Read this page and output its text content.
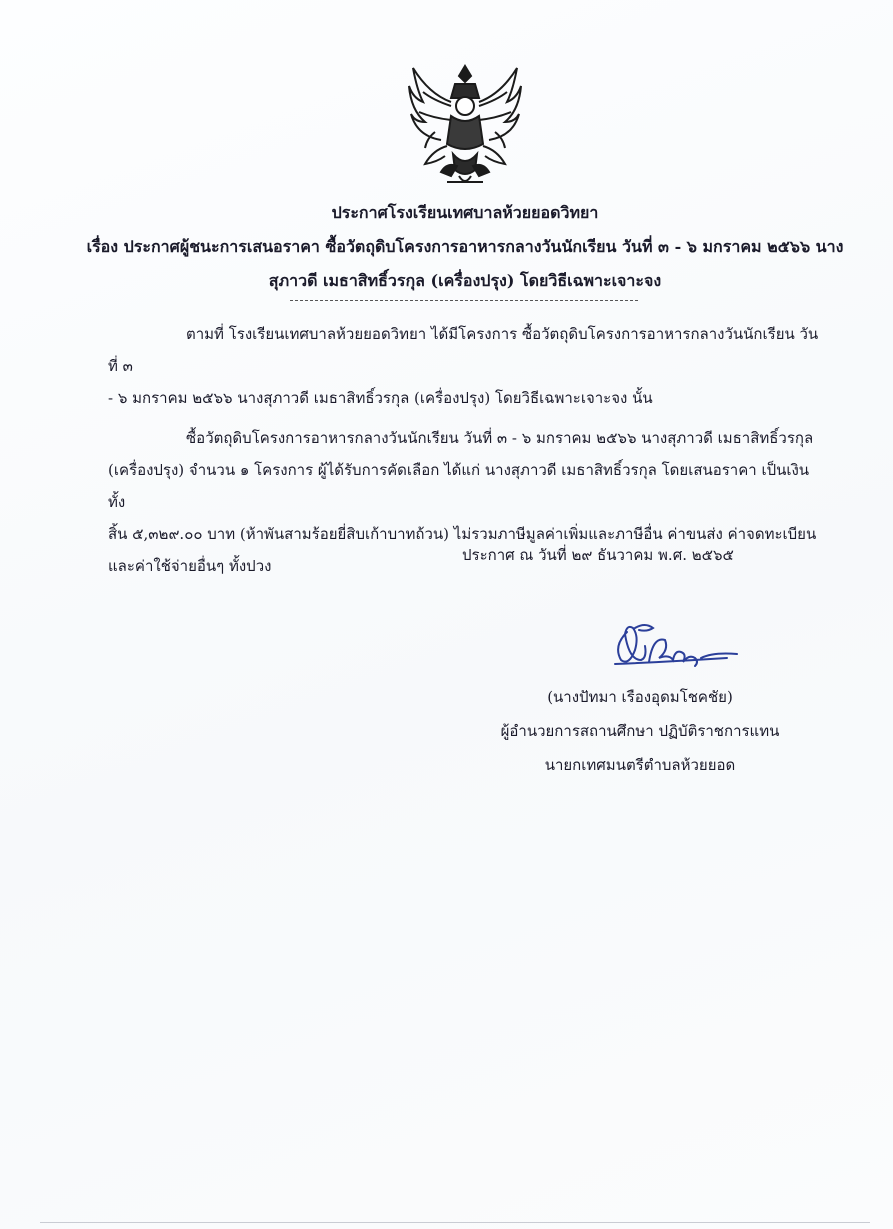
ประกาศโรงเรียนเทศบาลห้วยยอดวิทยา
เรื่อง ประกาศผู้ชนะการเสนอราคา ซื้อวัตถุดิบโครงการอาหารกลางวันนักเรียน วันที่ ๓ - ๖ มกราคม ๒๕๖๖ นาง
สุภาวดี เมธาสิทธิ์วรกุล (เครื่องปรุง) โดยวิธีเฉพาะเจาะจง

ตามที่ โรงเรียนเทศบาลห้วยยอดวิทยา ได้มีโครงการ ซื้อวัตถุดิบโครงการอาหารกลางวันนักเรียน วันที่ ๓

- ๖ มกราคม ๒๕๖๖ นางสุภาวดี เมธาสิทธิ์วรกุล (เครื่องปรุง) โดยวิธีเฉพาะเจาะจง นั้น

ซื้อวัตถุดิบโครงการอาหารกลางวันนักเรียน วันที่ ๓ - ๖ มกราคม ๒๕๖๖ นางสุภาวดี เมธาสิทธิ์วรกุล

(เครื่องปรุง) จำนวน ๑ โครงการ ผู้ได้รับการคัดเลือก ได้แก่ นางสุภาวดี เมธาสิทธิ์วรกุล โดยเสนอราคา เป็นเงินทั้ง

สิ้น ๕,๓๒๙.๐๐ บาท (ห้าพันสามร้อยยี่สิบเก้าบาทถ้วน) ไม่รวมภาษีมูลค่าเพิ่มและภาษีอื่น ค่าขนส่ง ค่าจดทะเบียน

และค่าใช้จ่ายอื่นๆ ทั้งปวง

ประกาศ ณ วันที่ ๒๙ ธันวาคม พ.ศ. ๒๕๖๕
(นางปัทมา เรืองอุดมโชคชัย)
ผู้อำนวยการสถานศึกษา ปฏิบัติราชการแทน
นายกเทศมนตรีตำบลห้วยยอด
